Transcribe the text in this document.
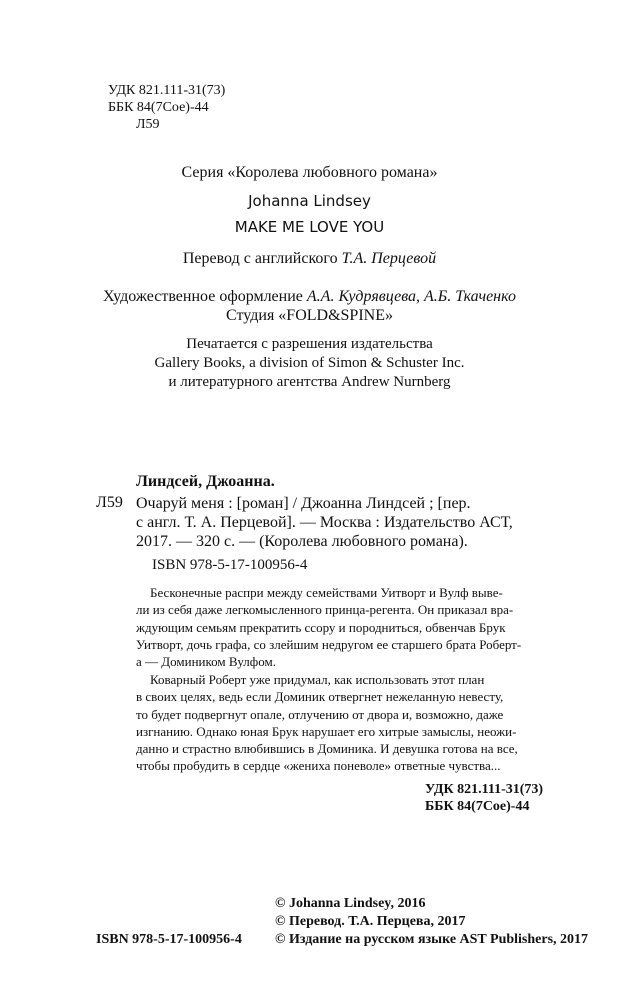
УДК 821.111-31(73)
ББК 84(7Сое)-44
Л59
Серия «Королева любовного романа»
Johanna Lindsey
MAKE ME LOVE YOU
Перевод с английского Т.А. Перцевой
Художественное оформление А.А. Кудрявцева, А.Б. Ткаченко
Студия «FOLD&SPINE»
Печатается с разрешения издательства
Gallery Books, a division of Simon & Schuster Inc.
и литературного агентства Andrew Nurnberg
Линдсей, Джоанна.
Л59 Очаруй меня : [роман] / Джоанна Линдсей ; [пер.
с англ. Т. А. Перцевой]. — Москва : Издательство АСТ,
2017. — 320 с. — (Королева любовного романа).
ISBN 978-5-17-100956-4
Бесконечные распри между семействами Уитворт и Вулф выве-
ли из себя даже легкомысленного принца-регента. Он приказал вра-
ждующим семьям прекратить ссору и породниться, обвенчав Брук
Уитворт, дочь графа, со злейшим недругом ее старшего брата Роберт-
а — Домиником Вулфом.
Коварный Роберт уже придумал, как использовать этот план
в своих целях, ведь если Доминик отвергнет нежеланную невесту,
то будет подвергнут опале, отлучению от двора и, возможно, даже
изгнанию. Однако юная Брук нарушает его хитрые замыслы, неожи-
данно и страстно влюбившись в Доминика. И девушка готова на все,
чтобы пробудить в сердце «жениха поневоле» ответные чувства...
УДК 821.111-31(73)
ББК 84(7Сое)-44
© Johanna Lindsey, 2016
© Перевод. Т.А. Перцева, 2017
© Издание на русском языке AST Publishers, 2017
ISBN 978-5-17-100956-4
